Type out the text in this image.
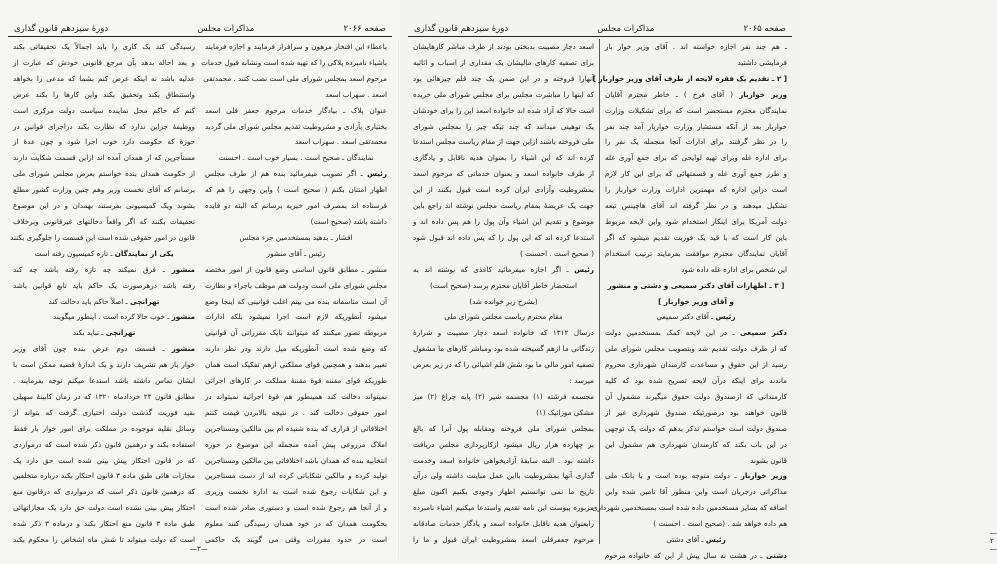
دورهٔ سیزدهم قانون گذاری	مذاکرات مجلس	صفحه ۲۰۶۶
رسیدگی کند یک کاری را باید اجمالاً یک تحقیقاتی بکند
و بعد احاله بدهد بآن مرجع قانونی خودش که عبارت از
عدلیه باشد نه اینکه عرض کنم بشما که مدعی را بخواهد
واستنطاق بکند وتحقیق بکند واین کارها را بکند عرض
کنم که حاکم محل نماینده سیاست دولت مرکزی است
ووظیفهٔ جزاین ندارد که نظارت بکند دراجرای قوانین در
حوزهٔ که حکومت دارد خوب اجرا شود و چون عدهٔ از
مستأجرین که از همدان آمده اند ازاین قسمت شکایت دارند
از حکومت همدان بنده خواستم بعرض مجلس شورای ملی
برسانم که آقای نخست وزیر وهم چنین وزارت کشور مطلع
بشوند ویک کمیسیونی بفرستند بهمدان و در این موضوع
تحقیقات بکنند که اگر واقعاً دخالتهای غیرقانونی وبرخلاف
قانون در امور حقوقی شده است این قسمت را جلوگیری بکنند
یکی از نمایندگان ـ تازه کمیسیون رفته است
منشور ـ فرق نمیکند چه تازه رفته باشد چه کند
رفته باشد درهرصورت یک حاکم باید تابع قوانین باشد
تهرانچی ـ اصلاً حاکم باید دخالت کند
منشور ـ خوب حالا کرده است . اینطور میگویند
تهرانچی ـ نباید بکند
منشور ـ قسمت دوم عرض بنده چون آقای وزیر
خوار بار هم تشریف دارند و یک اندازهٔ قضیه ممکن است با
ایشان تماس داشته باشد استدعا میکنم توجه بفرمایند .
مطابق قانون ۲۴ خردادماه ۱۳۲۰ که در زمان کابینهٔ سهیلی
بقید فوریت گذشت دولت اختیاری گرفت که بتواند از
وسائل نقلیه موجوده در مملکت برای امور خوار بار فقط
استفاده بکند و درهمین قانون ذکر شده است که درمواردی
که در قانون احتکار پیش بینی شده است حق دارد یک
مجازات هائی طبق ماده ۳ قانون احتکار بکند درباره متخلفین
که درهمین قانون ذکر است که درمواردی که درقانون منع
احتکار پیش بینی نشده است دولت حق دارد یک مجازاتهائی
طبق ماده ۳ قانون منع احتکار بکند و درماده ۳ ذکر شده
است که دولت میتواند تا شش ماه اشخاص را محکوم بکند
باعطاء این افتخار مرهون و سرافراز فرمایند و اجازه فرمایند
باشیاء نامبرده پلاکی را که تهیه شده است ونشانه قبول خدمات
مرحوم اسعد بمجلس شورای ملی است نصب کنند . محمدتقی
اسعد . سهراب اسعد
عنوان پلاک ـ بیادگار خدمات مرحوم جعفر قلی اسعد
بختیاری بآزادی و مشروطیت تقدیم مجلس شورای ملی گردید
محمدتقی اسعد . سهراب اسعد
نمایندگان ـ صحیح است . بسیار خوب است . احسنت
رئیس ـ اگر تصویب میفرمائید بنده هم از طرف مجلس
اظهار امتنان بکنم ( صحیح است ) واین وجهی را هم که
فرستاده اند بمصرف امور خیریه برسانم که البته دو فایده
داشته باشد (صحیح است)
افشار ـ بدهید بمستخدمین جزء مجلس
رئیس ـ آقای منشور
منشور ـ مطابق قانون اساسی وضع قانون از امور مختصه
مجلس شورای ملی است ودولت هم موظف باجراء و نظارت
آن است متاسفانه بنده می بینم اغلب قوانینی که اینجا وضع
میشود آنطوریکه لازم است اجرا نمیشود بلکه ادارات
مربوطه تصور میکنند که میتوانند بایک مقرراتی آن قوانینی
که وضع شده است آنطوریکه میل دارند ودر نظر دارند
تغییر بدهند و همچنین قوای مملکتی ازهم تفکیک است همان
طوریکه قوای مقننه قوهٔ مقننهٔ مملکت در کارهای اجرائی
نمیتواند دخالت کند همینطور هم قوهٔ اجرائیه نمیتواند در
امور حقوقی دخالت کند . در نتیجه بالابردن قیمت کنتم
اختلافاتی از قراری که بنده شنیده ام بین مالکین ومستاجرین
املاک مزروعی پیش آمده منجمله این موضوع در حوزه
انتخابیه بنده که همدان باشد اختلافاتی بین مالکین ومستاجرین
تولید کرده و مالکین شکایاتی کرده اند از دست مستاجرین
و این شکایات رجوع شده است به اداره نخست وزیری
و از آنجا هم رجوع شده است و دستوری صادر شده است
بحکومت همدان که در خود همدان رسیدگی کنند معلوم
است در حدود مقررات وقتی می گویند یک حاکمی
—۳—
دورهٔ سیزدهم قانون گذاری	مذاکرات مجلس	صفحه ۲۰۶۵
اسعد دچار مصیبت بدبختی بودند از طرف مباشر کارهایشان
برای تصفیه کارهای مالیشان یک مقداری از اسباب و اثاثیه
آنهارا فروخته و در این ضمن یک چند قلم چیزهائی بود
که اینها را مباشرت مجلس برای مجلس شورای ملی خریده
است حالا که آزاد شده اند خانواده اسعد این را برای خودشان
یک توهینی میدانند که چند تیکه چیز را بمجلس شورای
ملی فروخته باشند ازاین جهت از مقام ریاست مجلس استدعا
کرده اند که این اشیاء را بعنوان هدیه ناقابل و یادگاری
از طرف خانواده اسعد و بعنوان خدماتی که مرحوم اسعد
بمشروطیت وآزادی ایران کرده است قبول بکنند از این
جهت یک عریضهٔ بمقام ریاست مجلس نوشته اند راجع باین
موضوع و تقدیم این اشیاء وآن پول را هم پس داده اند و
استدعا کرده اند که این پول را که پس داده اند قبول شود
( صحیح است . احسنت )
رئیس ـ اگر اجازه میفرمائید کاغذی که نوشته اند به
استحضار خاطر آقایان محترم برسد (صحیح است)
(بشرح زیر خوانده شد)
مقام محترم ریاست مجلس شورای ملی
درسال ۱۳۱۲ که خانواده اسعد دچار مصیبت و شرارهٔ
زندگانی ما ازهم گسیخته شده بود ومباشر کارهای ما مشغول
تصفیه امور مالی ما بود شش قلم اشیائی را که در زیر بعرض
میرسد :
مجسمه فرشته (۱) مجسمه شیر (۲) پایه چراغ (۲) میز
مشکی موزائیک (۱)
بمجلس شورای ملی فروخته ومقابله پول آنرا که بالغ
بر چهارده هزار ریال میشود ازکارپردازی مجلس دریافت
داشته بود . البته سابقهٔ آزادیخواهی خانواده اسعد وخدمت
گذاری آنها بمشروطیت بااین عمل مباینت داشته ولی درآن
تاریخ ما نمی توانستیم اظهار وجودی بکنیم اکنون مبلغ
مزبوره پیوست این نامه تقدیم واستدعا میکنیم اشیاء نامبرده
رابعنوان هدیه ناقابل خانواده اسعد و یادگار خدمات صادقانه
مرحوم جعفرقلی اسعد بمشروطیت ایران قبول و ما را
ـ هم چند نفر اجازه خواسته اند . آقای وزیر خوار بار
فرمایشی داشتید
[ ۲ ـ تقدیم یک فقره لایحه از طرف آقای وزیر خواربار ]
وزیر خواربار ( آقای فرخ ) ـ خاطر محترم آقایان
نمایندگان محترم مستحضر است که برای تشکیلات وزارت
خواربار بعد از آنکه مستشار وزارت خواربار آمد چند نفر
را در نظر گرفتند برای ادارات آنجا منجمله یک نفر را
برای اداره غله وبرای تهیه لوایحی که برای جمع آوری غله
و طرز جمع آوری غله و قسمتهائی که برای این کار لازم
است دراین اداره که مهمترین ادارات وزارت خواربار را
تشکیل میدهند و در نظر گرفته اند آقای هاچینس تبعه
دولت آمریکا برای اینکار استخدام شود واین لایحه مربوط
باین کار است که با قید یک فوریت تقدیم میشود که اگر
آقایان نمایندگان محترم موافقت بفرمایند ترتیب استخدام
این شخص برای اداره غله داده شود
[ ۳ ـ اظهارات آقای دکتر سمیعی و دشتی و منشور
و آقای وزیر خواربار ]
رئیس ـ آقای دکتر سمیعی
دکتر سمیعی ـ در این لایحه کمک بمستخدمین دولت
که از طرف دولت تقدیم شد وبتصویب مجلس شورای ملی
رسید از این حقوق و مساعدت کارمندان شهرداری محروم
ماندند برای اینکه درآن لایحه تصریح شده بود که کلیه
کارمندانی که ازصندوق دولت حقوق میگیرند مشمول آن
قانون خواهند بود درصورتیکه صندوق شهرداری غیر از
صندوق دولت است خواستم تذکر بدهم که دولت یک توجهی
در این باب بکند که کارمندان شهرداری هم مشمول این
قانون بشوند
وزیر خواربار ـ دولت متوجه بوده است و با بانک ملی
مذاکراتی درجریان است واین منظور آقا تامین شده واین
اضافه که بسایر مستخدمین داده شده است بمستخدمین شهرداری
هم داده خواهد شد . (صحیح است . احسنت )
رئیس ـ آقای دشتی
دشتی ـ در هشت نه سال پیش از این که خانواده مرحوم
—۲—
